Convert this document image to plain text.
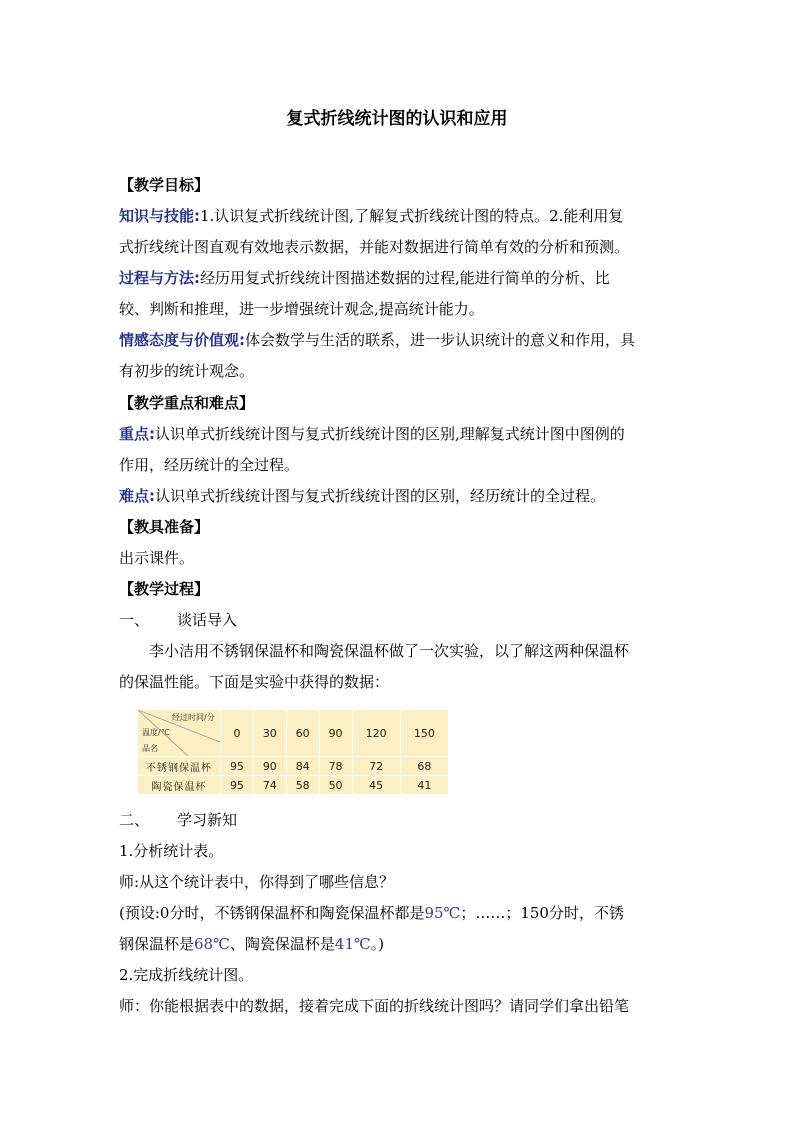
复式折线统计图的认识和应用
【教学目标】
知识与技能:1.认识复式折线统计图,了解复式折线统计图的特点。2.能利用复
式折线统计图直观有效地表示数据，并能对数据进行简单有效的分析和预测。
过程与方法:经历用复式折线统计图描述数据的过程,能进行简单的分析、比
较、判断和推理，进一步增强统计观念,提高统计能力。
情感态度与价值观:体会数学与生活的联系，进一步认识统计的意义和作用，具
有初步的统计观念。
【教学重点和难点】
重点:认识单式折线统计图与复式折线统计图的区别,理解复式统计图中图例的
作用，经历统计的全过程。
难点:认识单式折线统计图与复式折线统计图的区别，经历统计的全过程。
【教具准备】
出示课件。
【教学过程】
一、 谈话导入
李小洁用不锈钢保温杯和陶瓷保温杯做了一次实验，以了解这两种保温杯
的保温性能。下面是实验中获得的数据：
经过时间/分
温度/℃
品名	0	30	60	90	120	150
不锈钢保温杯	95	90	84	78	72	68
陶瓷保温杯	95	74	58	50	45	41
二、 学习新知
1.分析统计表。
师:从这个统计表中，你得到了哪些信息？
(预设:0分时，不锈钢保温杯和陶瓷保温杯都是95℃；……；150分时，不锈
钢保温杯是68℃、陶瓷保温杯是41℃。)
2.完成折线统计图。
师：你能根据表中的数据，接着完成下面的折线统计图吗？请同学们拿出铅笔
